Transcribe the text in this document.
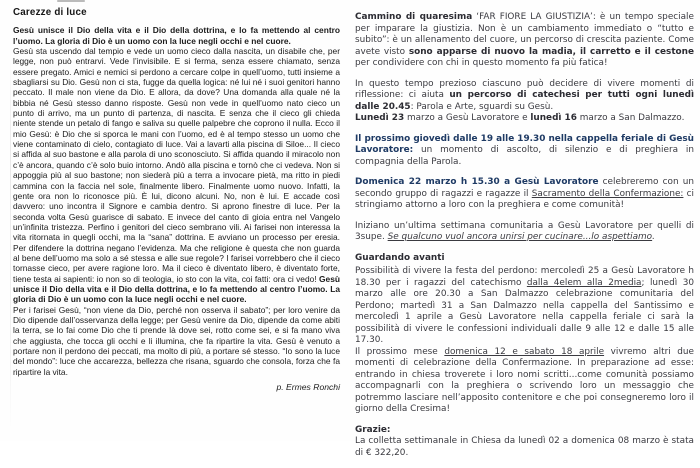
Carezze di luce
Gesù unisce il Dio della vita e il Dio della dottrina, e lo fa mettendo al centro l’uomo. La gloria di Dio è un uomo con la luce negli occhi e nel cuore.
Gesù sta uscendo dal tempio e vede un uomo cieco dalla nascita, un disabile che, per legge, non può entrarvi. Vede l’invisibile. E si ferma, senza essere chiamato, senza essere pregato. Amici e nemici si perdono a cercare colpe in quell’uomo, tutti insieme a sbagliarsi su Dio. Gesù non ci sta, fugge da quella logica: né lui né i suoi genitori hanno peccato. Il male non viene da Dio. E allora, da dove? Una domanda alla quale né la bibbia né Gesù stesso danno risposte. Gesù non vede in quell’uomo nato cieco un punto di arrivo, ma un punto di partenza, di nascita. E senza che il cieco gli chieda niente stende un petalo di fango e saliva su quelle palpebre che coprono il nulla. Ecco il mio Gesù: è Dio che si sporca le mani con l’uomo, ed è al tempo stesso un uomo che viene contaminato di cielo, contagiato di luce. Vai a lavarti alla piscina di Siloe... Il cieco si affida al suo bastone e alla parola di uno sconosciuto. Si affida quando il miracolo non c’è ancora, quando c’è solo buio intorno. Andò alla piscina e tornò che ci vedeva. Non si appoggia più al suo bastone; non siederà più a terra a invocare pietà, ma ritto in piedi cammina con la faccia nel sole, finalmente libero. Finalmente uomo nuovo. Infatti, la gente ora non lo riconosce più. È lui, dicono alcuni. No, non è lui. E accade così davvero: uno incontra il Signore e cambia dentro. Si aprono finestre di luce. Per la seconda volta Gesù guarisce di sabato. E invece del canto di gioia entra nel Vangelo un’infinita tristezza. Perfino i genitori del cieco sembrano vili. Ai farisei non interessa la vita ritornata in quegli occhi, ma la “sana” dottrina. E avviano un processo per eresia. Per difendere la dottrina negano l’evidenza. Ma che religione è questa che non guarda al bene dell’uomo ma solo a sé stessa e alle sue regole? I farisei vorrebbero che il cieco tornasse cieco, per avere ragione loro. Ma il cieco è diventato libero, è diventato forte, tiene testa ai sapienti: io non so di teologia, io sto con la vita, coi fatti: ora ci vedo! Gesù unisce il Dio della vita e il Dio della dottrina, e lo fa mettendo al centro l’uomo. La gloria di Dio è un uomo con la luce negli occhi e nel cuore.
Per i farisei Gesù, “non viene da Dio, perché non osserva il sabato”; per loro venire da Dio dipende dall’osservanza della legge; per Gesù venire da Dio, dipende da come abiti la terra, se lo fai come Dio che ti prende là dove sei, rotto come sei, e si fa mano viva che aggiusta, che tocca gli occhi e li illumina, che fa ripartire la vita. Gesù è venuto a portare non il perdono dei peccati, ma molto di più, a portare sé stesso. “Io sono la luce del mondo”: luce che accarezza, bellezza che risana, sguardo che consola, forza che fa ripartire la vita.
p. Ermes Ronchi
Cammino di quaresima ‘FAR FIORE LA GIUSTIZIA’: è un tempo speciale per imparare la giustizia. Non è un cambiamento immediato o “tutto e subito”: è un allenamento del cuore, un percorso di crescita paziente. Come avete visto sono apparse di nuovo la madia, il carretto e il cestone per condividere con chi in questo momento fa più fatica!
In questo tempo prezioso ciascuno può decidere di vivere momenti di riflessione: ci aiuta un percorso di catechesi per tutti ogni lunedì dalle 20.45: Parola e Arte, sguardi su Gesù.
Lunedì 23 marzo a Gesù Lavoratore e lunedì 16 marzo a San Dalmazzo.
Il prossimo giovedì dalle 19 alle 19.30 nella cappella feriale di Gesù Lavoratore: un momento di ascolto, di silenzio e di preghiera in compagnia della Parola.
Domenica 22 marzo h 15.30 a Gesù Lavoratore celebreremo con un secondo gruppo di ragazzi e ragazze il Sacramento della Confermazione: ci stringiamo attorno a loro con la preghiera e come comunità!
Iniziano un’ultima settimana comunitaria a Gesù Lavoratore per quelli di 3supe. Se qualcuno vuol ancora unirsi per cucinare...lo aspettiamo.
Guardando avanti
Possibilità di vivere la festa del perdono: mercoledì 25 a Gesù Lavoratore h 18.30 per i ragazzi del catechismo dalla 4elem alla 2media; lunedì 30 marzo alle ore 20.30 a San Dalmazzo celebrazione comunitaria del Perdono; martedì 31 a San Dalmazzo nella cappella del Santissimo e mercoledì 1 aprile a Gesù Lavoratore nella cappella feriale ci sarà la possibilità di vivere le confessioni individuali dalle 9 alle 12 e dalle 15 alle 17.30.
Il prossimo mese domenica 12 e sabato 18 aprile vivremo altri due momenti di celebrazione della Confermazione. In preparazione ad esse: entrando in chiesa troverete i loro nomi scritti...come comunità possiamo accompagnarli con la preghiera o scrivendo loro un messaggio che potremmo lasciare nell’apposito contenitore e che poi consegneremo loro il giorno della Cresima!
Grazie:
La colletta settimanale in Chiesa da lunedì 02 a domenica 08 marzo è stata di € 322,20.
